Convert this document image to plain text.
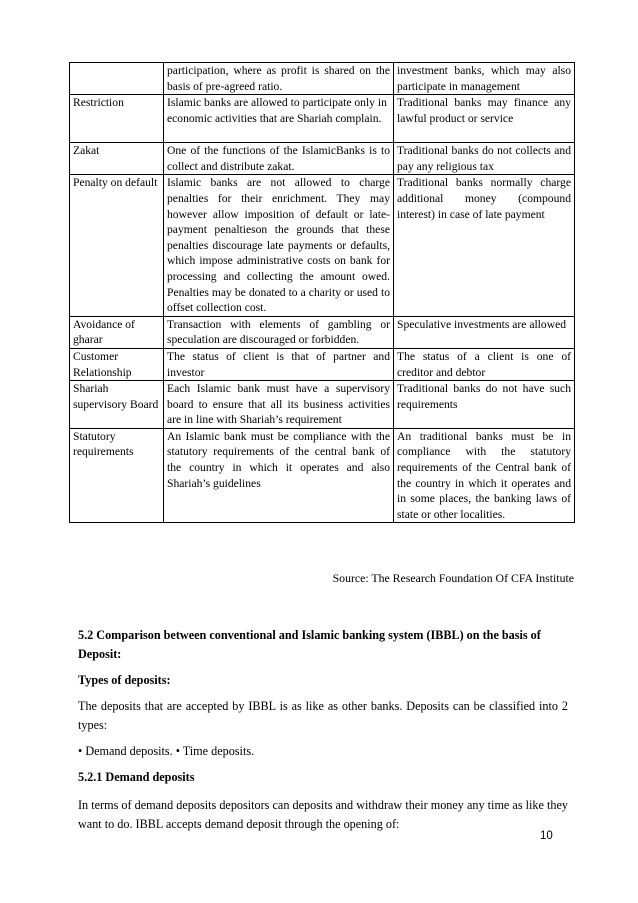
	participation, where as profit is shared on the basis of pre-agreed ratio.	investment banks, which may also participate in management
Restriction	Islamic banks are allowed to participate only in economic activities that are Shariah complain.	Traditional banks may finance any lawful product or service
Zakat	One of the functions of the IslamicBanks is to collect and distribute zakat.	Traditional banks do not collects and pay any religious tax
Penalty on default	Islamic banks are not allowed to charge penalties for their enrichment. They may however allow imposition of default or late- payment penaltieson the grounds that these penalties discourage late payments or defaults, which impose administrative costs on bank for processing and collecting the amount owed. Penalties may be donated to a charity or used to offset collection cost.	Traditional banks normally charge additional money (compound interest) in case of late payment
Avoidance of gharar	Transaction with elements of gambling or speculation are discouraged or forbidden.	Speculative investments are allowed
Customer Relationship	The status of client is that of partner and investor	The status of a client is one of creditor and debtor
Shariah supervisory Board	Each Islamic bank must have a supervisory board to ensure that all its business activities are in line with Shariah’s requirement	Traditional banks do not have such requirements
Statutory requirements	An Islamic bank must be compliance with the statutory requirements of the central bank of the country in which it operates and also Shariah’s guidelines	An traditional banks must be in compliance with the statutory requirements of the Central bank of the country in which it operates and in some places, the banking laws of state or other localities.
Source: The Research Foundation Of CFA Institute
5.2 Comparison between conventional and Islamic banking system (IBBL) on the basis of Deposit:
Types of deposits:
The deposits that are accepted by IBBL is as like as other banks. Deposits can be classified into 2 types:
• Demand deposits. • Time deposits.
5.2.1 Demand deposits
In terms of demand deposits depositors can deposits and withdraw their money any time as like they want to do. IBBL accepts demand deposit through the opening of:
10
